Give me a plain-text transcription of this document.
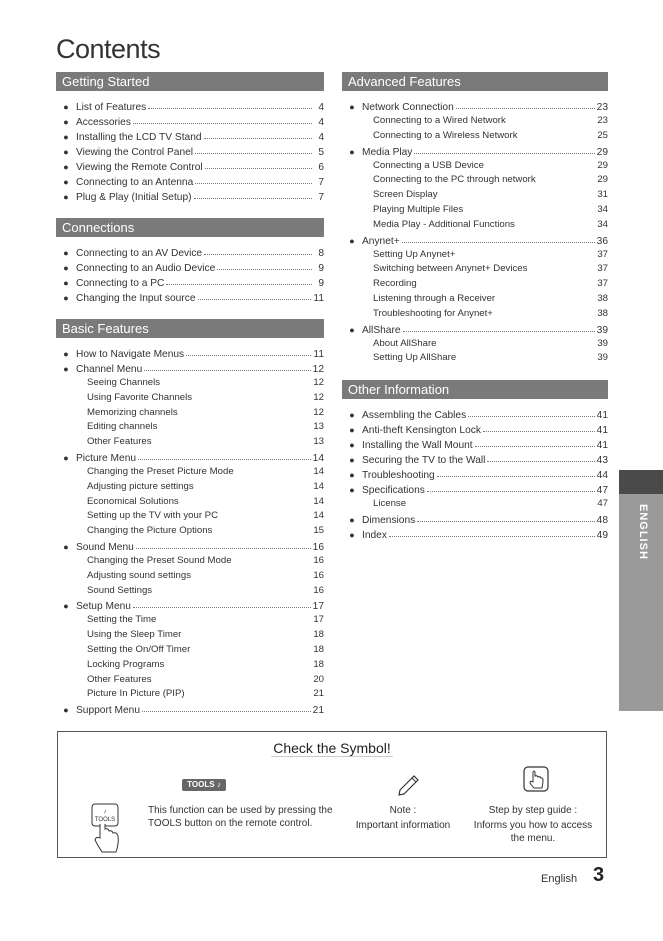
Contents
Getting Started
● List of Features	4
● Accessories	4
● Installing the LCD TV Stand	4
● Viewing the Control Panel	5
● Viewing the Remote Control	6
● Connecting to an Antenna	7
● Plug & Play (Initial Setup)	7
Connections
● Connecting to an AV Device	8
● Connecting to an Audio Device	9
● Connecting to a PC	9
● Changing the Input source	11
Basic Features
● How to Navigate Menus	11
● Channel Menu	12
Seeing Channels	12
Using Favorite Channels	12
Memorizing channels	12
Editing channels	13
Other Features	13
● Picture Menu	14
Changing the Preset Picture Mode	14
Adjusting picture settings	14
Economical Solutions	14
Setting up the TV with your PC	14
Changing the Picture Options	15
● Sound Menu	16
Changing the Preset Sound Mode	16
Adjusting sound settings	16
Sound Settings	16
● Setup Menu	17
Setting the Time	17
Using the Sleep Timer	18
Setting the On/Off Timer	18
Locking Programs	18
Other Features	20
Picture In Picture (PIP)	21
● Support Menu	21
Advanced Features
● Network Connection	23
Connecting to a Wired Network	23
Connecting to a Wireless Network	25
● Media Play	29
Connecting a USB Device	29
Connecting to the PC through network	29
Screen Display	31
Playing Multiple Files	34
Media Play - Additional Functions	34
● Anynet+	36
Setting Up Anynet+	37
Switching between Anynet+ Devices	37
Recording	37
Listening through a Receiver	38
Troubleshooting for Anynet+	38
● AllShare	39
About AllShare	39
Setting Up AllShare	39
Other Information
● Assembling the Cables	41
● Anti-theft Kensington Lock	41
● Installing the Wall Mount	41
● Securing the TV to the Wall	43
● Troubleshooting	44
● Specifications	47
License	47
● Dimensions	48
● Index	49	ENGLISH
Check the Symbol!
TOOLS ♪
♪
TOOLS
This function can be used by pressing the TOOLS button on the remote control.
Note :
Important information
Step by step guide :
Informs you how to access the menu.
English 3
